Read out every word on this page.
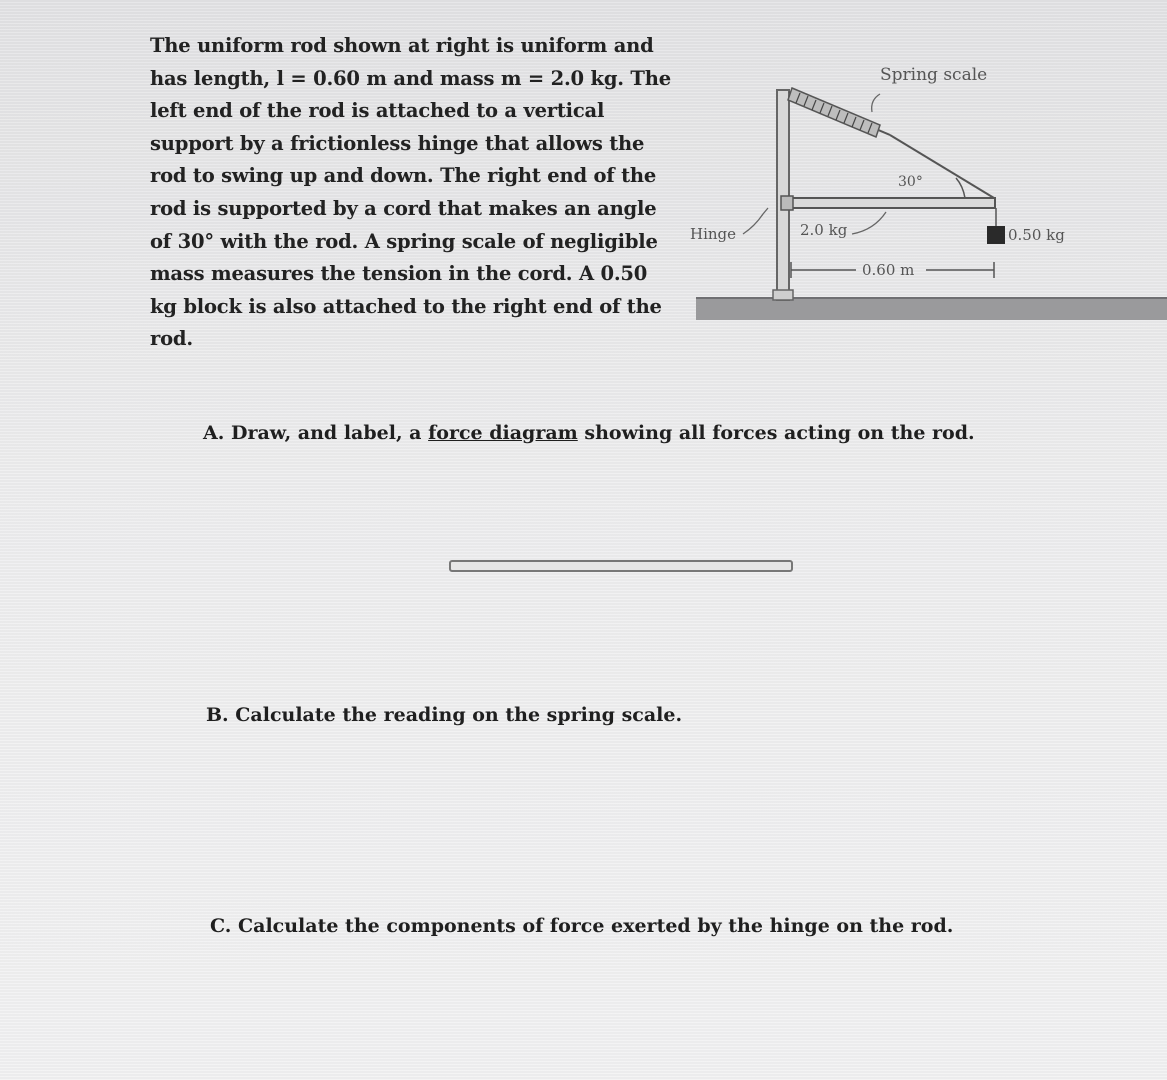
The uniform rod shown at right is uniform and
has length, l = 0.60 m and mass m = 2.0 kg. The
left end of the rod is attached to a vertical
support by a frictionless hinge that allows the
rod to swing up and down. The right end of the
rod is supported by a cord that makes an angle
of 30° with the rod. A spring scale of negligible
mass measures the tension in the cord. A 0.50
kg block is also attached to the right end of the
rod.
Spring scale
30°
Hinge	2.0 kg	0.50 kg
0.60 m
A. Draw, and label, a force diagram showing all forces acting on the rod.
B. Calculate the reading on the spring scale.
C. Calculate the components of force exerted by the hinge on the rod.
